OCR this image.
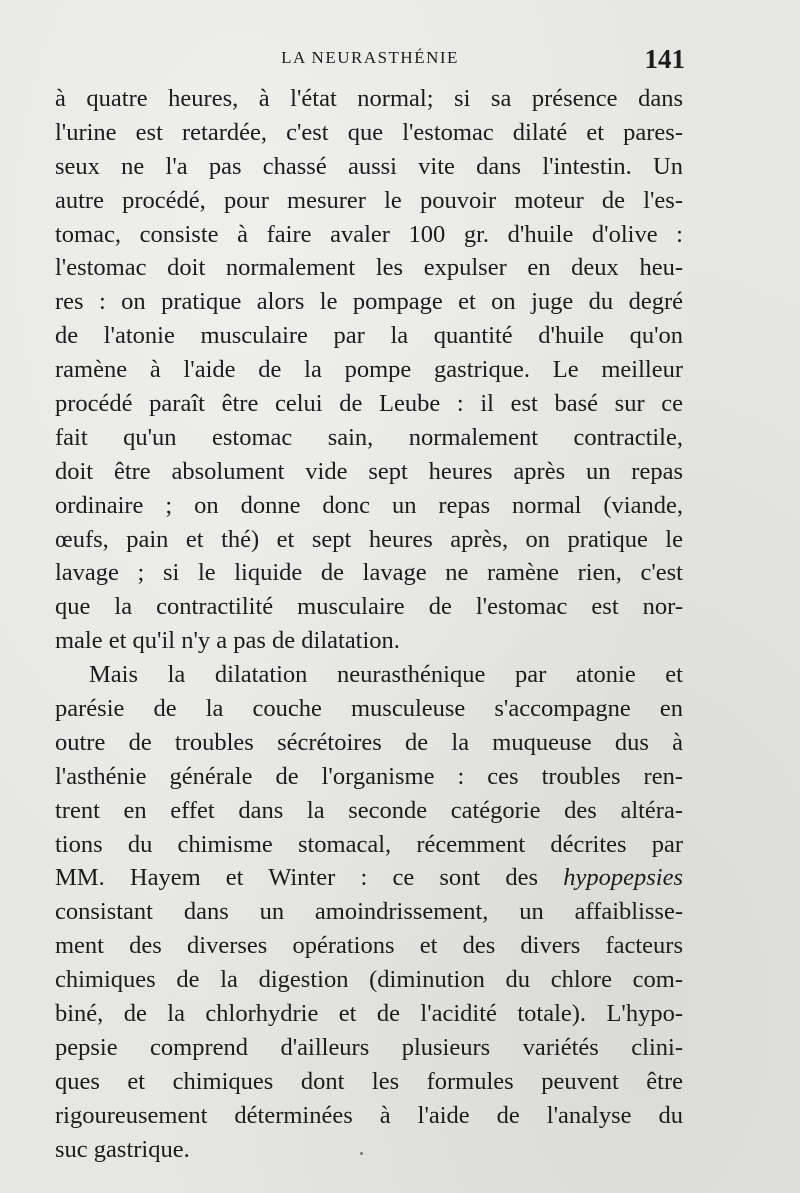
LA NEURASTHÉNIE	141
à quatre heures, à l'état normal; si sa présence dans
l'urine est retardée, c'est que l'estomac dilaté et pares-
seux ne l'a pas chassé aussi vite dans l'intestin. Un
autre procédé, pour mesurer le pouvoir moteur de l'es-
tomac, consiste à faire avaler 100 gr. d'huile d'olive :
l'estomac doit normalement les expulser en deux heu-
res : on pratique alors le pompage et on juge du degré
de l'atonie musculaire par la quantité d'huile qu'on
ramène à l'aide de la pompe gastrique. Le meilleur
procédé paraît être celui de Leube : il est basé sur ce
fait qu'un estomac sain, normalement contractile,
doit être absolument vide sept heures après un repas
ordinaire ; on donne donc un repas normal (viande,
œufs, pain et thé) et sept heures après, on pratique le
lavage ; si le liquide de lavage ne ramène rien, c'est
que la contractilité musculaire de l'estomac est nor-
male et qu'il n'y a pas de dilatation.
Mais la dilatation neurasthénique par atonie et
parésie de la couche musculeuse s'accompagne en
outre de troubles sécrétoires de la muqueuse dus à
l'asthénie générale de l'organisme : ces troubles ren-
trent en effet dans la seconde catégorie des altéra-
tions du chimisme stomacal, récemment décrites par
MM. Hayem et Winter : ce sont des hypopepsies
consistant dans un amoindrissement, un affaiblisse-
ment des diverses opérations et des divers facteurs
chimiques de la digestion (diminution du chlore com-
biné, de la chlorhydrie et de l'acidité totale). L'hypo-
pepsie comprend d'ailleurs plusieurs variétés clini-
ques et chimiques dont les formules peuvent être
rigoureusement déterminées à l'aide de l'analyse du
suc gastrique.
